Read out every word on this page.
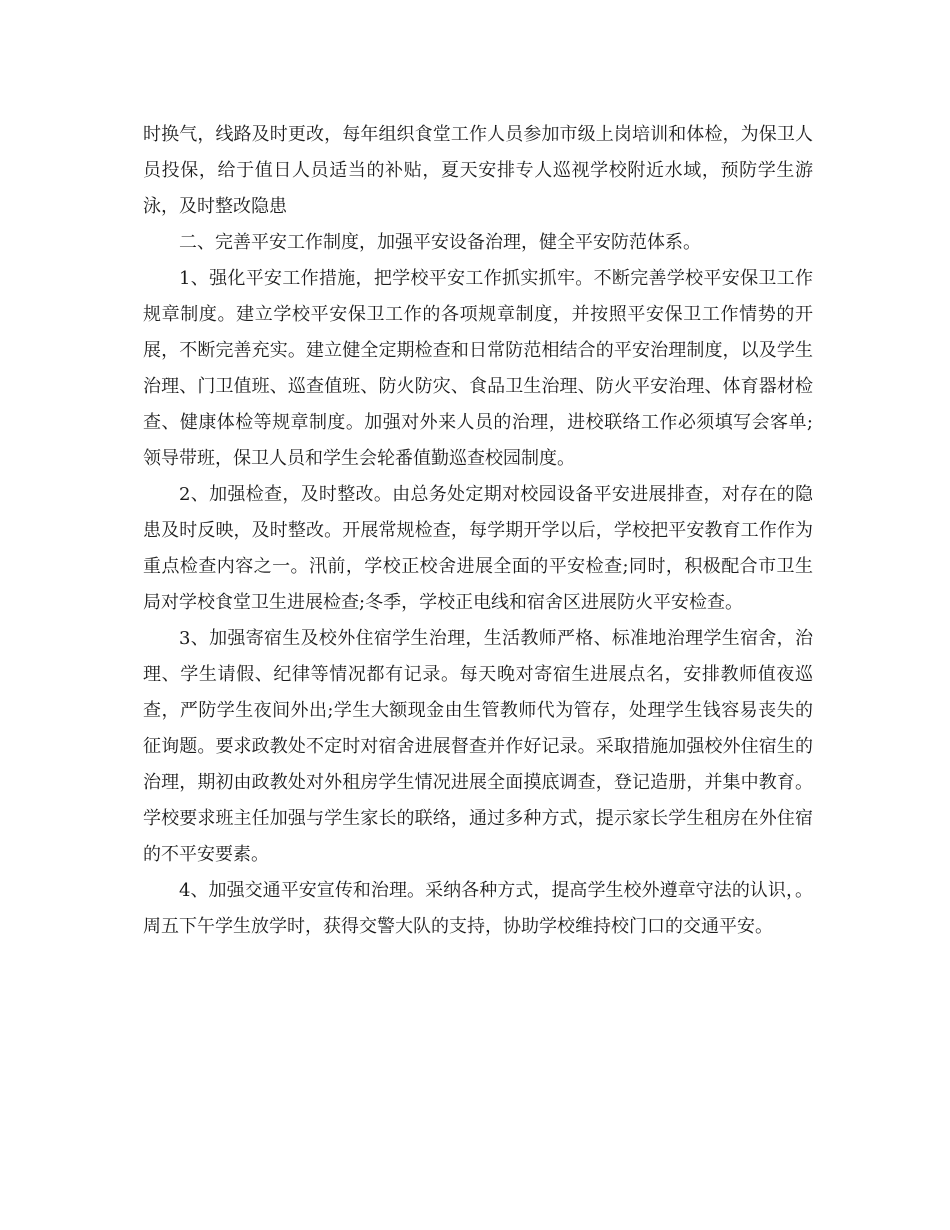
时换气，线路及时更改，每年组织食堂工作人员参加市级上岗培训和体检，为保卫人员投保，给于值日人员适当的补贴，夏天安排专人巡视学校附近水域，预防学生游泳，及时整改隐患

二、完善平安工作制度，加强平安设备治理，健全平安防范体系。

1、强化平安工作措施，把学校平安工作抓实抓牢。不断完善学校平安保卫工作规章制度。建立学校平安保卫工作的各项规章制度，并按照平安保卫工作情势的开展，不断完善充实。建立健全定期检查和日常防范相结合的平安治理制度，以及学生治理、门卫值班、巡查值班、防火防灾、食品卫生治理、防火平安治理、体育器材检查、健康体检等规章制度。加强对外来人员的治理，进校联络工作必须填写会客单;领导带班，保卫人员和学生会轮番值勤巡查校园制度。

2、加强检查，及时整改。由总务处定期对校园设备平安进展排查，对存在的隐患及时反映，及时整改。开展常规检查，每学期开学以后，学校把平安教育工作作为重点检查内容之一。汛前，学校正校舍进展全面的平安检查;同时，积极配合市卫生局对学校食堂卫生进展检查;冬季，学校正电线和宿舍区进展防火平安检查。

3、加强寄宿生及校外住宿学生治理，生活教师严格、标准地治理学生宿舍，治理、学生请假、纪律等情况都有记录。每天晚对寄宿生进展点名，安排教师值夜巡查，严防学生夜间外出;学生大额现金由生管教师代为管存，处理学生钱容易丧失的征询题。要求政教处不定时对宿舍进展督查并作好记录。采取措施加强校外住宿生的治理，期初由政教处对外租房学生情况进展全面摸底调查，登记造册，并集中教育。学校要求班主任加强与学生家长的联络，通过多种方式，提示家长学生租房在外住宿的不平安要素。

4、加强交通平安宣传和治理。采纳各种方式，提高学生校外遵章守法的认识，。周五下午学生放学时，获得交警大队的支持，协助学校维持校门口的交通平安。
